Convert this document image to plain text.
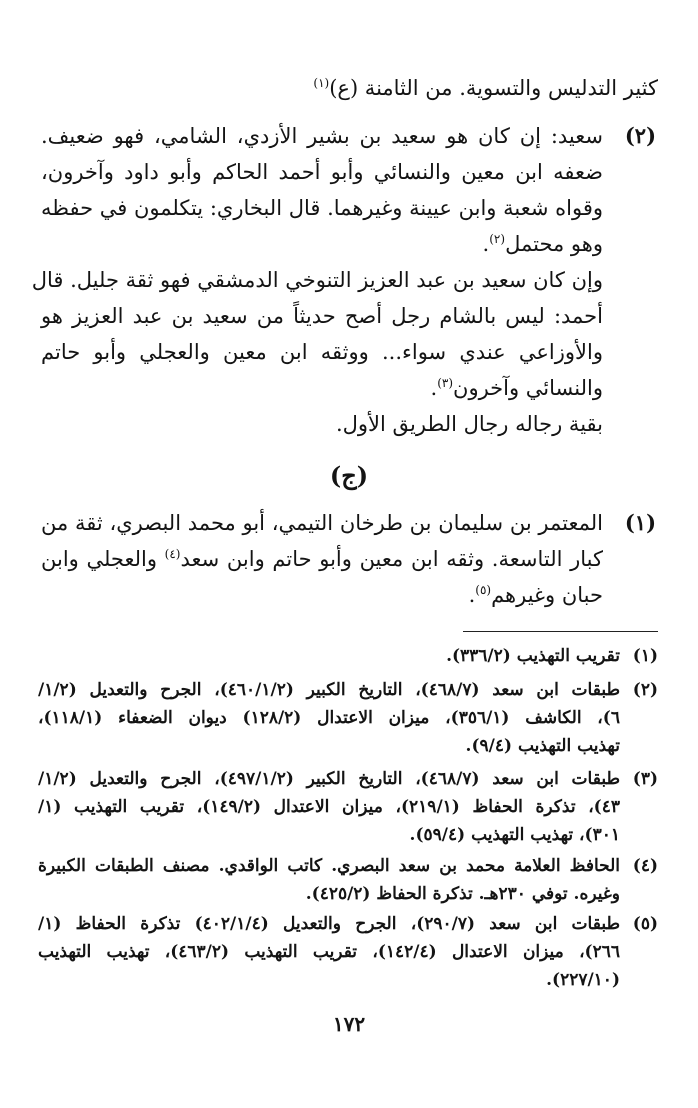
كثير التدليس والتسوية. من الثامنة (ع)$^{(١)}$
(٢)
سعيد: إن كان هو سعيد بن بشير الأزدي، الشامي، فهو ضعيف.
ضعفه ابن معين والنسائي وأبو أحمد الحاكم وأبو داود وآخرون،
وقواه شعبة وابن عيينة وغيرهما. قال البخاري: يتكلمون في حفظه
وهو محتمل$^{(٢)}$.
وإن كان سعيد بن عبد العزيز التنوخي الدمشقي فهو ثقة جليل. قال
أحمد: ليس بالشام رجل أصح حديثاً من سعيد بن عبد العزيز هو
والأوزاعي عندي سواء... ووثقه ابن معين والعجلي وأبو حاتم
والنسائي وآخرون$^{(٣)}$.
بقية رجاله رجال الطريق الأول.
(ج)
(١)
المعتمر بن سليمان بن طرخان التيمي، أبو محمد البصري، ثقة من
كبار التاسعة. وثقه ابن معين وأبو حاتم وابن سعد$^{(٤)}$ والعجلي وابن
حبان وغيرهم$^{(٥)}$.
(١)
تقريب التهذيب (٣٣٦/٢).
(٢)
طبقات ابن سعد (٤٦٨/٧)، التاريخ الكبير (٤٦٠/١/٢)، الجرح والتعديل (١/٢/
٦)، الكاشف (٣٥٦/١)، ميزان الاعتدال (١٢٨/٢) ديوان الضعفاء (١١٨/١)،
تهذيب التهذيب (٩/٤).
(٣)
طبقات ابن سعد (٤٦٨/٧)، التاريخ الكبير (٤٩٧/١/٢)، الجرح والتعديل (١/٢/
٤٣)، تذكرة الحفاظ (٢١٩/١)، ميزان الاعتدال (١٤٩/٢)، تقريب التهذيب (١/
٣٠١)، تهذيب التهذيب (٥٩/٤).
(٤)
الحافظ العلامة محمد بن سعد البصري. كاتب الواقدي. مصنف الطبقات الكبيرة
وغيره. توفي ٢٣٠هـ. تذكرة الحفاظ (٤٢٥/٢).
(٥)
طبقات ابن سعد (٢٩٠/٧)، الجرح والتعديل (٤٠٢/١/٤) تذكرة الحفاظ (١/
٢٦٦)، ميزان الاعتدال (١٤٢/٤)، تقريب التهذيب (٤٦٣/٢)، تهذيب التهذيب
(٢٢٧/١٠).
١٧٢
